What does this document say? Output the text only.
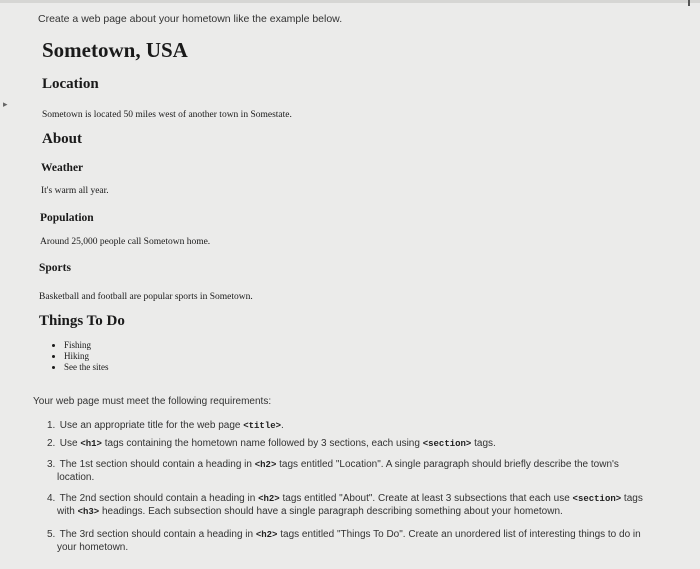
▸
Create a web page about your hometown like the example below.
Sometown, USA
Location
Sometown is located 50 miles west of another town in Somestate.
About
Weather
It's warm all year.
Population
Around 25,000 people call Sometown home.
Sports
Basketball and football are popular sports in Sometown.
Things To Do
• Fishing
• Hiking
• See the sites
Your web page must meet the following requirements:
1. Use an appropriate title for the web page <title>.
2. Use <h1> tags containing the hometown name followed by 3 sections, each using <section> tags.
3. The 1st section should contain a heading in <h2> tags entitled "Location". A single paragraph should briefly describe the town's
location.
4. The 2nd section should contain a heading in <h2> tags entitled "About". Create at least 3 subsections that each use <section> tags
with <h3> headings. Each subsection should have a single paragraph describing something about your hometown.
5. The 3rd section should contain a heading in <h2> tags entitled "Things To Do". Create an unordered list of interesting things to do in
your hometown.
